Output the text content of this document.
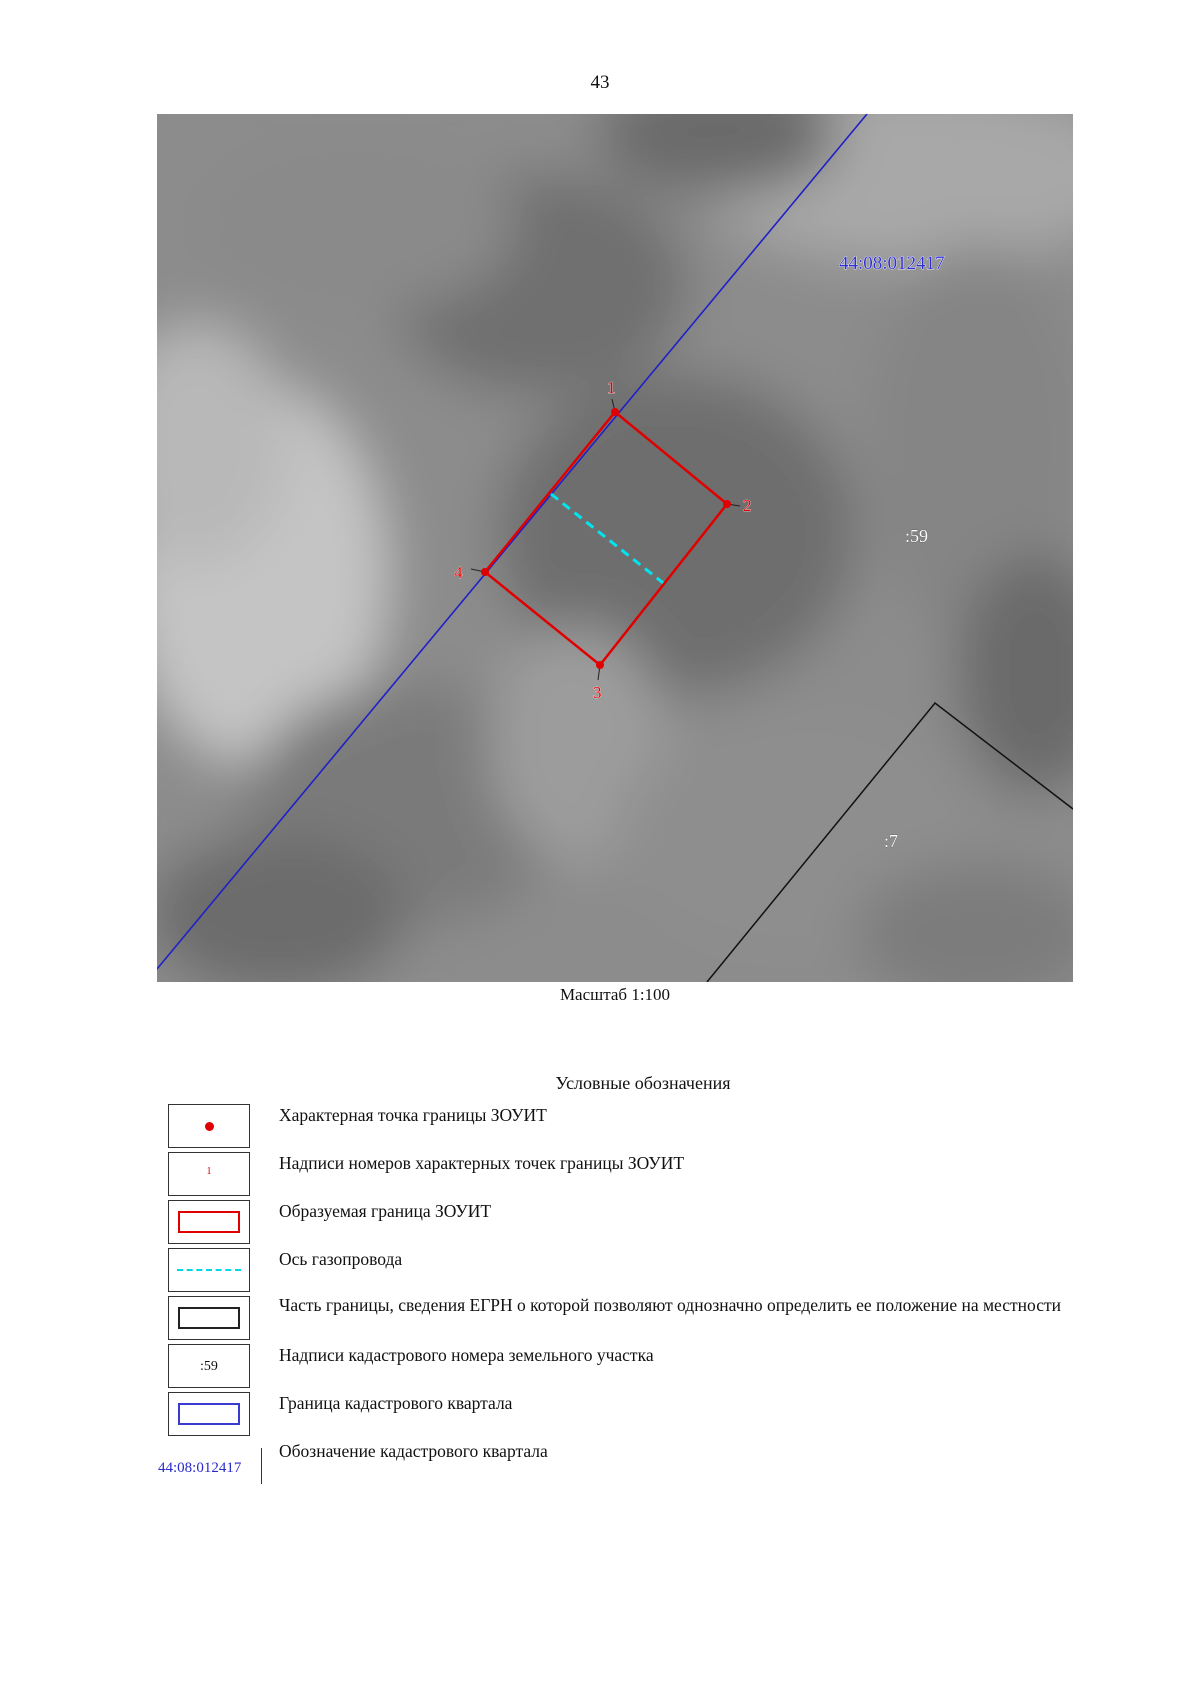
43
1
2
3
4
44:08:012417
:59
:7
Масштаб 1:100
Условные обозначения
Характерная точка границы ЗОУИТ
1	Надписи номеров характерных точек границы ЗОУИТ
Образуемая граница ЗОУИТ
Ось газопровода
Часть границы, сведения ЕГРН о которой позволяют однозначно определить ее положение на местности
:59
Надписи кадастрового номера земельного участка
Граница кадастрового квартала
44:08:012417
Обозначение кадастрового квартала
